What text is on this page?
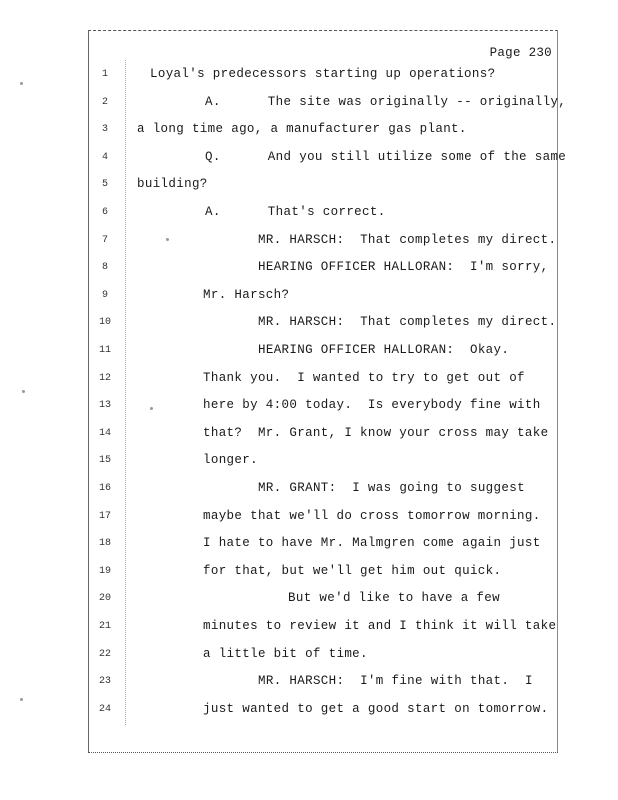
Page 230
1	Loyal's predecessors starting up operations?
2	A.      The site was originally -- originally,
3	a long time ago, a manufacturer gas plant.
4	Q.      And you still utilize some of the same
5	building?
6	A.      That's correct.
7	MR. HARSCH:  That completes my direct.
8	HEARING OFFICER HALLORAN:  I'm sorry,
9	Mr. Harsch?
10	MR. HARSCH:  That completes my direct.
11	HEARING OFFICER HALLORAN:  Okay.
12	Thank you.  I wanted to try to get out of
13	here by 4:00 today.  Is everybody fine with
14	that?  Mr. Grant, I know your cross may take
15	longer.
16	MR. GRANT:  I was going to suggest
17	maybe that we'll do cross tomorrow morning.
18	I hate to have Mr. Malmgren come again just
19	for that, but we'll get him out quick.
20	But we'd like to have a few
21	minutes to review it and I think it will take
22	a little bit of time.
23	MR. HARSCH:  I'm fine with that.  I
24	just wanted to get a good start on tomorrow.
